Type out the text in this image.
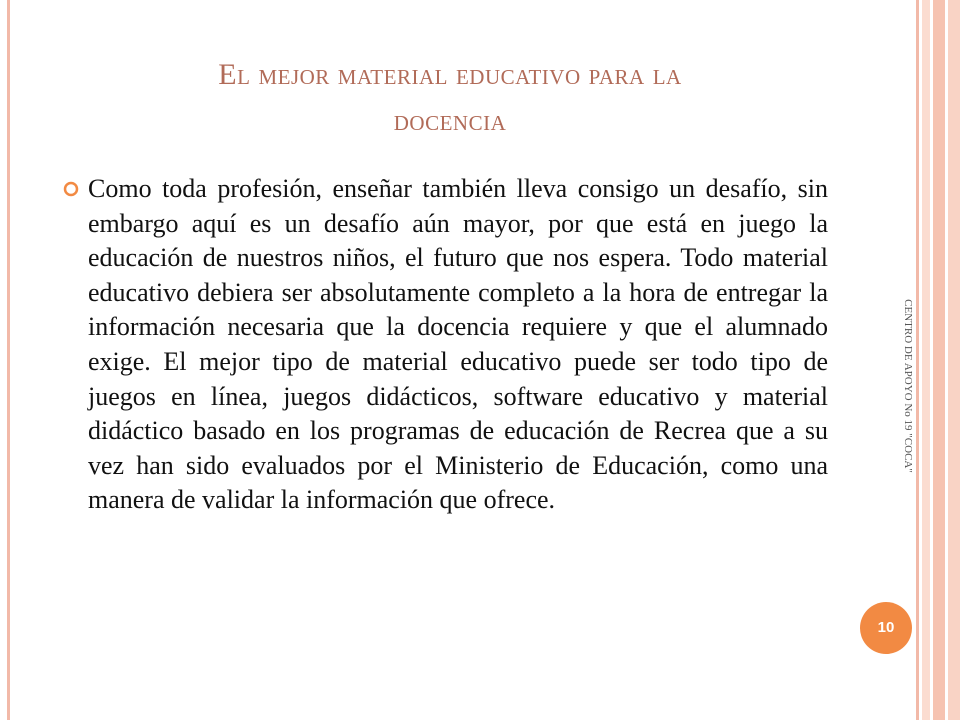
El mejor material educativo para la
docencia

Como toda profesión, enseñar también lleva consigo un desafío, sin embargo aquí es un desafío aún mayor, por que está en juego la educación de nuestros niños, el futuro que nos espera. Todo material educativo debiera ser absolutamente completo a la hora de entregar la información necesaria que la docencia requiere y que el alumnado exige. El mejor tipo de material educativo puede ser todo tipo de juegos en línea, juegos didácticos, software educativo y material didáctico basado en los programas de educación de Recrea que a su vez han sido evaluados por el Ministerio de Educación, como una manera de validar la información que ofrece.

CENTRO DE APOYO No 19 "COCA"
10
